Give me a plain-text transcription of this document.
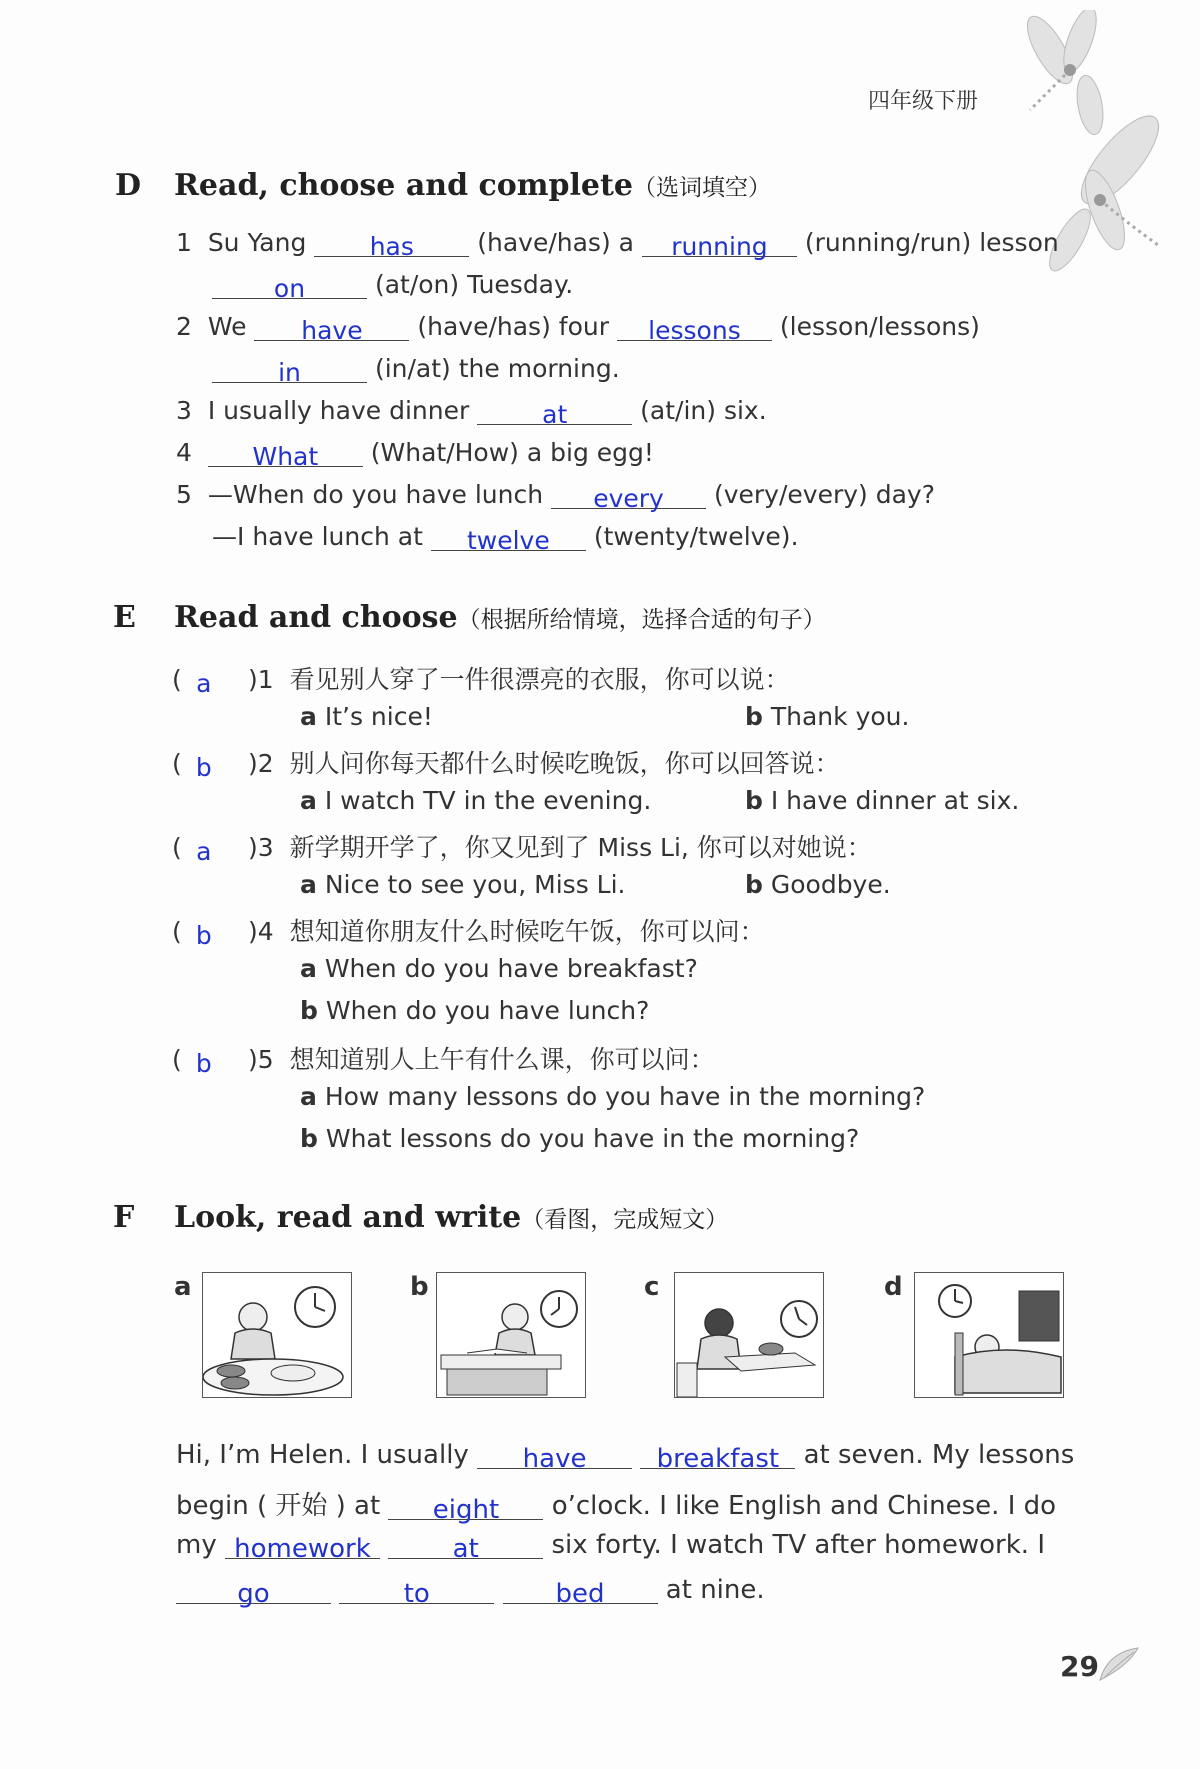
四年级下册
D Read, choose and complete（选词填空）
1 Su Yang	has	(have/has) a running (running/run) lesson
on	(at/on) Tuesday.
2 We have (have/has) four lessons (lesson/lessons)
in	(in/at) the morning.
3 I usually have dinner	at	(at/in) six.
4 What (What/How) a big egg!
5 —When do you have lunch every (very/every) day?
—I have lunch at twelve (twenty/twelve).
E Read and choose（根据所给情境，选择合适的句子）
( a )1 看见别人穿了一件很漂亮的衣服，你可以说：
a It’s nice!	b Thank you.
( b )2 别人问你每天都什么时候吃晚饭，你可以回答说：
a I watch TV in the evening.	b I have dinner at six.
( a )3 新学期开学了，你又见到了 Miss Li, 你可以对她说：
a Nice to see you, Miss Li.	b Goodbye.
( b )4 想知道你朋友什么时候吃午饭，你可以问：
a When do you have breakfast?
b When do you have lunch?
( b )5 想知道别人上午有什么课，你可以问：
a How many lessons do you have in the morning?
b What lessons do you have in the morning?
F Look, read and write（看图，完成短文）
a	b	c	d
Hi, I’m Helen. I usually have	breakfast at seven. My lessons
begin ( 开始 ) at eight o’clock. I like English and Chinese. I do
my homework	at	six forty. I watch TV after homework. I
go	to	bed at nine.
29
